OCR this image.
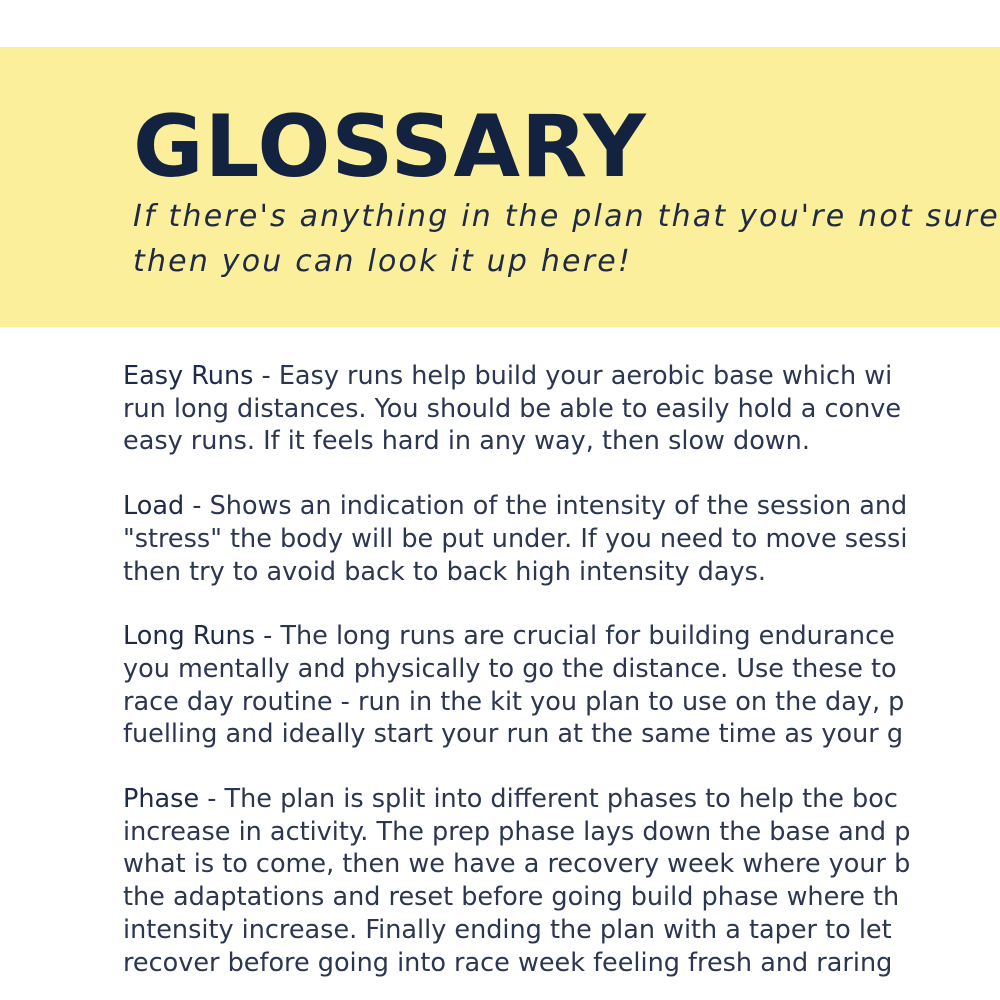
GLOSSARY

If there's anything in the plan that you're not sure
then you can look it up here!

Easy Runs - Easy runs help build your aerobic base which wi
run long distances. You should be able to easily hold a conve
easy runs. If it feels hard in any way, then slow down.

Load - Shows an indication of the intensity of the session and
"stress" the body will be put under. If you need to move sessi
then try to avoid back to back high intensity days.

Long Runs - The long runs are crucial for building endurance
you mentally and physically to go the distance. Use these to
race day routine - run in the kit you plan to use on the day, p
fuelling and ideally start your run at the same time as your g

Phase - The plan is split into different phases to help the boc
increase in activity. The prep phase lays down the base and p
what is to come, then we have a recovery week where your b
the adaptations and reset before going build phase where th
intensity increase. Finally ending the plan with a taper to let
recover before going into race week feeling fresh and raring
